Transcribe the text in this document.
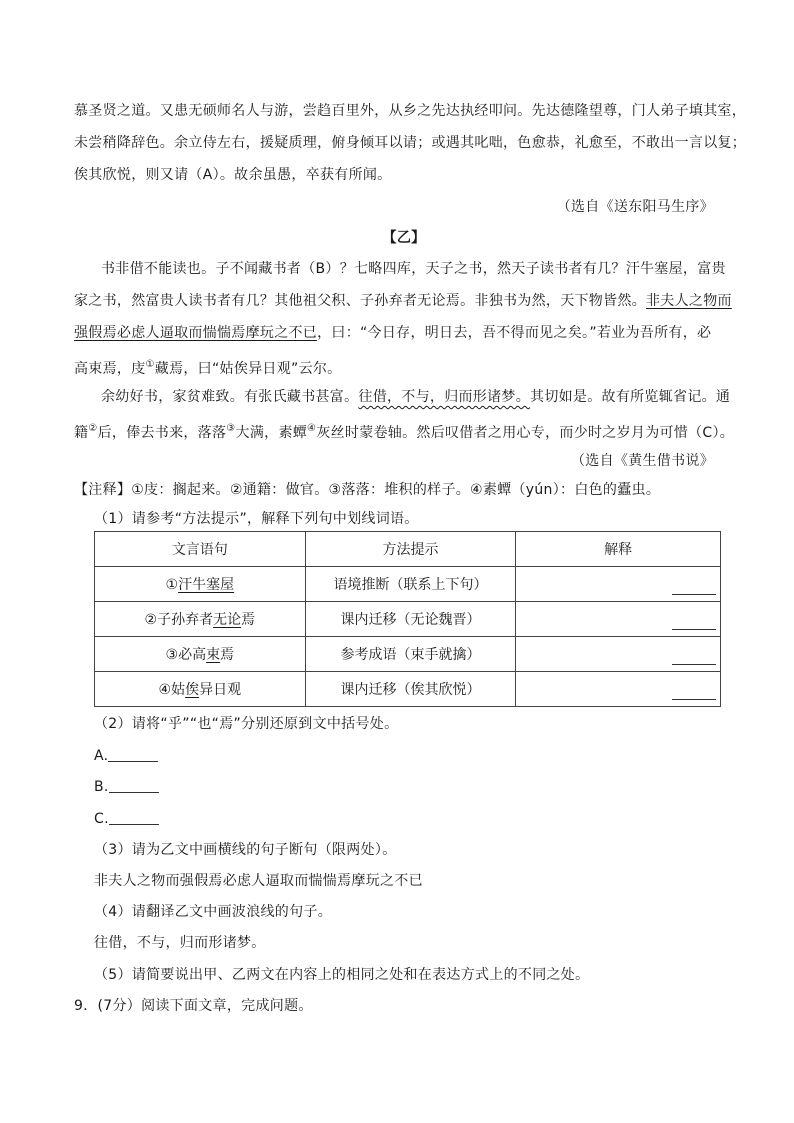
慕圣贤之道。又患无硕师名人与游，尝趋百里外，从乡之先达执经叩问。先达德隆望尊，门人弟子填其室，
未尝稍降辞色。余立侍左右，援疑质理，俯身倾耳以请；或遇其叱咄，色愈恭，礼愈至，不敢出一言以复；
俟其欣悦，则又请（A）。故余虽愚，卒获有所闻。
（选自《送东阳马生序》
【乙】
书非借不能读也。子不闻藏书者（B）？七略四库，天子之书，然天子读书者有几？汗牛塞屋，富贵
家之书，然富贵人读书者有几？其他祖父积、子孙弃者无论焉。非独书为然，天下物皆然。非夫人之物而
强假焉必虑人逼取而惴惴焉摩玩之不已，曰：“今日存，明日去，吾不得而见之矣。”若业为吾所有，必
高束焉，庋①藏焉，曰“姑俟异日观”云尔。
余幼好书，家贫难致。有张氏藏书甚富。往借，不与，归而形诸梦。其切如是。故有所览辄省记。通
籍②后，俸去书来，落落③大满，素蟫④灰丝时蒙卷轴。然后叹借者之用心专，而少时之岁月为可惜（C）。
（选自《黄生借书说》
【注释】①庋：搁起来。②通籍：做官。③落落：堆积的样子。④素蟫（yún）：白色的蠹虫。
（1）请参考“方法提示”，解释下列句中划线词语。
文言语句	方法提示	解释
①汗牛塞屋	语境推断（联系上下句）	

②子孙弃者无论焉	课内迁移（无论魏晋）	

③必高束焉	参考成语（束手就擒）	

④姑俟异日观	课内迁移（俟其欣悦）	
（2）请将“乎”“也“焉”分别还原到文中括号处。
A.
B.
C.
（3）请为乙文中画横线的句子断句（限两处）。
非夫人之物而强假焉必虑人逼取而惴惴焉摩玩之不已
（4）请翻译乙文中画波浪线的句子。
往借，不与，归而形诸梦。
（5）请简要说出甲、乙两文在内容上的相同之处和在表达方式上的不同之处。
9．(7分）阅读下面文章，完成问题。
